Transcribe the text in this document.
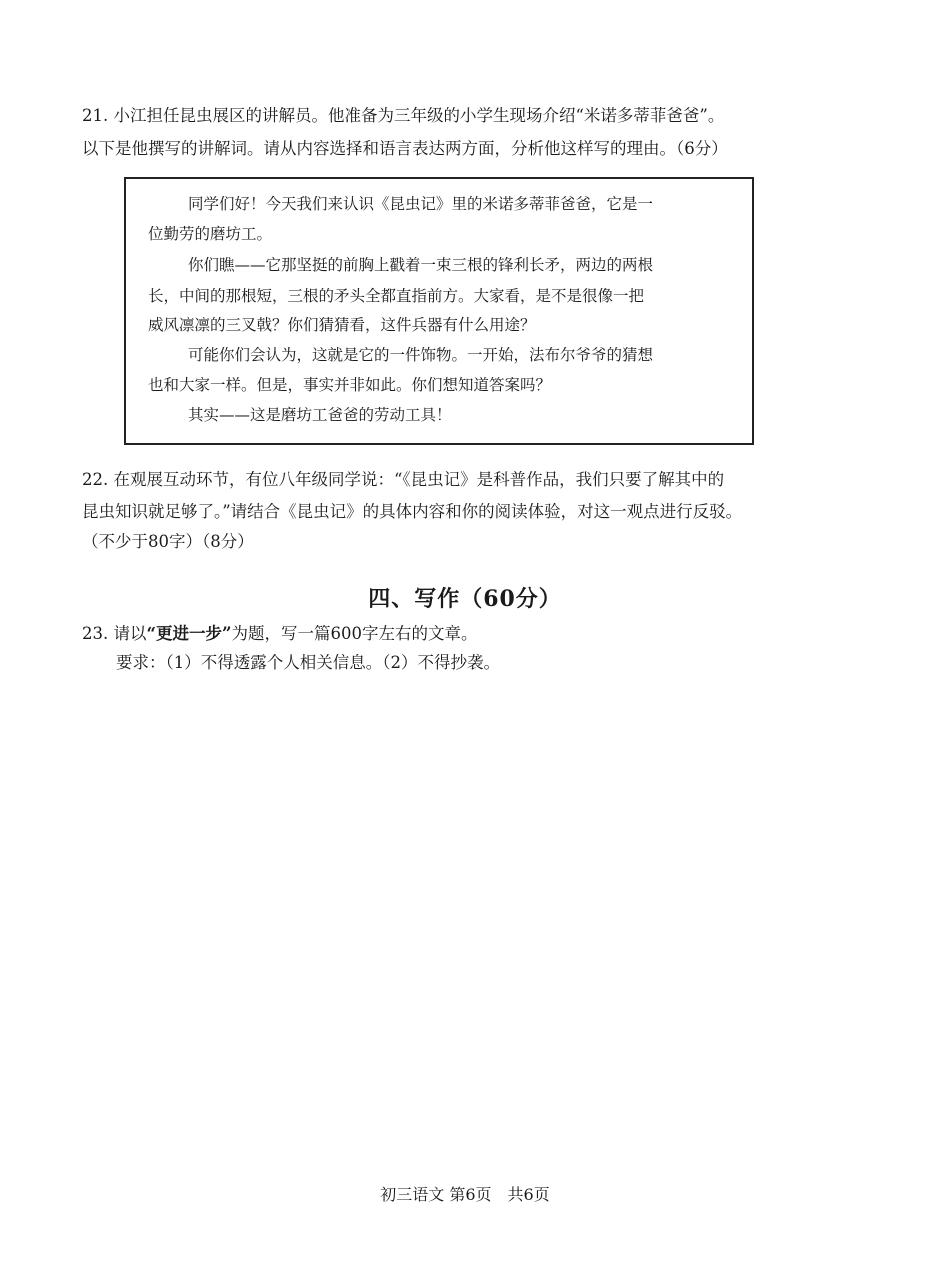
21. 小江担任昆虫展区的讲解员。他准备为三年级的小学生现场介绍“米诺多蒂菲爸爸”。
以下是他撰写的讲解词。请从内容选择和语言表达两方面，分析他这样写的理由。（6分）
同学们好！今天我们来认识《昆虫记》里的米诺多蒂菲爸爸，它是一
位勤劳的磨坊工。
你们瞧——它那坚挺的前胸上戳着一束三根的锋利长矛，两边的两根
长，中间的那根短，三根的矛头全都直指前方。大家看，是不是很像一把
威风凛凛的三叉戟？你们猜猜看，这件兵器有什么用途？
可能你们会认为，这就是它的一件饰物。一开始，法布尔爷爷的猜想
也和大家一样。但是，事实并非如此。你们想知道答案吗？
其实——这是磨坊工爸爸的劳动工具！
22. 在观展互动环节，有位八年级同学说：“《昆虫记》是科普作品，我们只要了解其中的
昆虫知识就足够了。”请结合《昆虫记》的具体内容和你的阅读体验，对这一观点进行反驳。
（不少于80字）（8分）
四、写作（60分）
23. 请以“更进一步”为题，写一篇600字左右的文章。
要求：（1）不得透露个人相关信息。（2）不得抄袭。
初三语文 第6页　共6页
